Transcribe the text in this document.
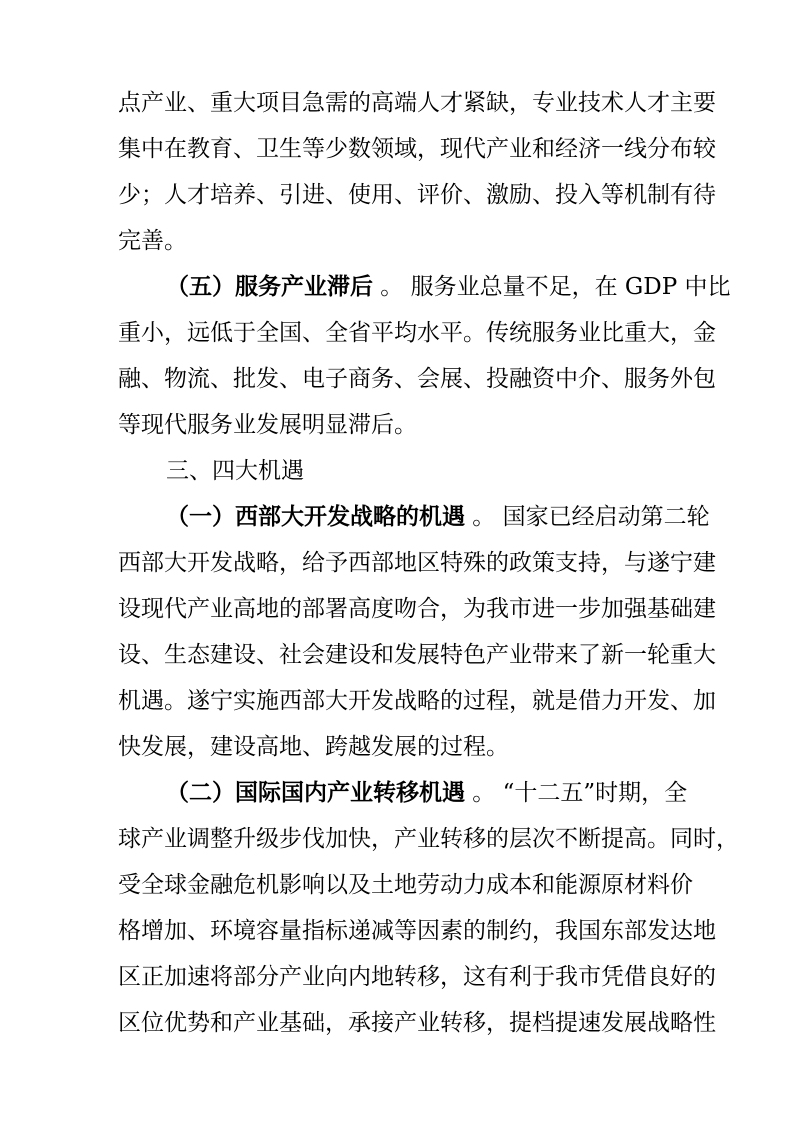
点产业、重大项目急需的高端人才紧缺，专业技术人才主要
集中在教育、卫生等少数领域，现代产业和经济一线分布较
少；人才培养、引进、使用、评价、激励、投入等机制有待
完善。
（五）服务产业滞后 。 服务业总量不足，在 GDP 中比
重小，远低于全国、全省平均水平。传统服务业比重大，金
融、物流、批发、电子商务、会展、投融资中介、服务外包
等现代服务业发展明显滞后。
三、四大机遇
（一）西部大开发战略的机遇 。 国家已经启动第二轮
西部大开发战略，给予西部地区特殊的政策支持，与遂宁建
设现代产业高地的部署高度吻合，为我市进一步加强基础建
设、生态建设、社会建设和发展特色产业带来了新一轮重大
机遇。遂宁实施西部大开发战略的过程，就是借力开发、加
快发展，建设高地、跨越发展的过程。
（二）国际国内产业转移机遇 。 “十二五”时期，全
球产业调整升级步伐加快，产业转移的层次不断提高。同时，
受全球金融危机影响以及土地劳动力成本和能源原材料价
格增加、环境容量指标递减等因素的制约，我国东部发达地
区正加速将部分产业向内地转移，这有利于我市凭借良好的
区位优势和产业基础，承接产业转移，提档提速发展战略性
